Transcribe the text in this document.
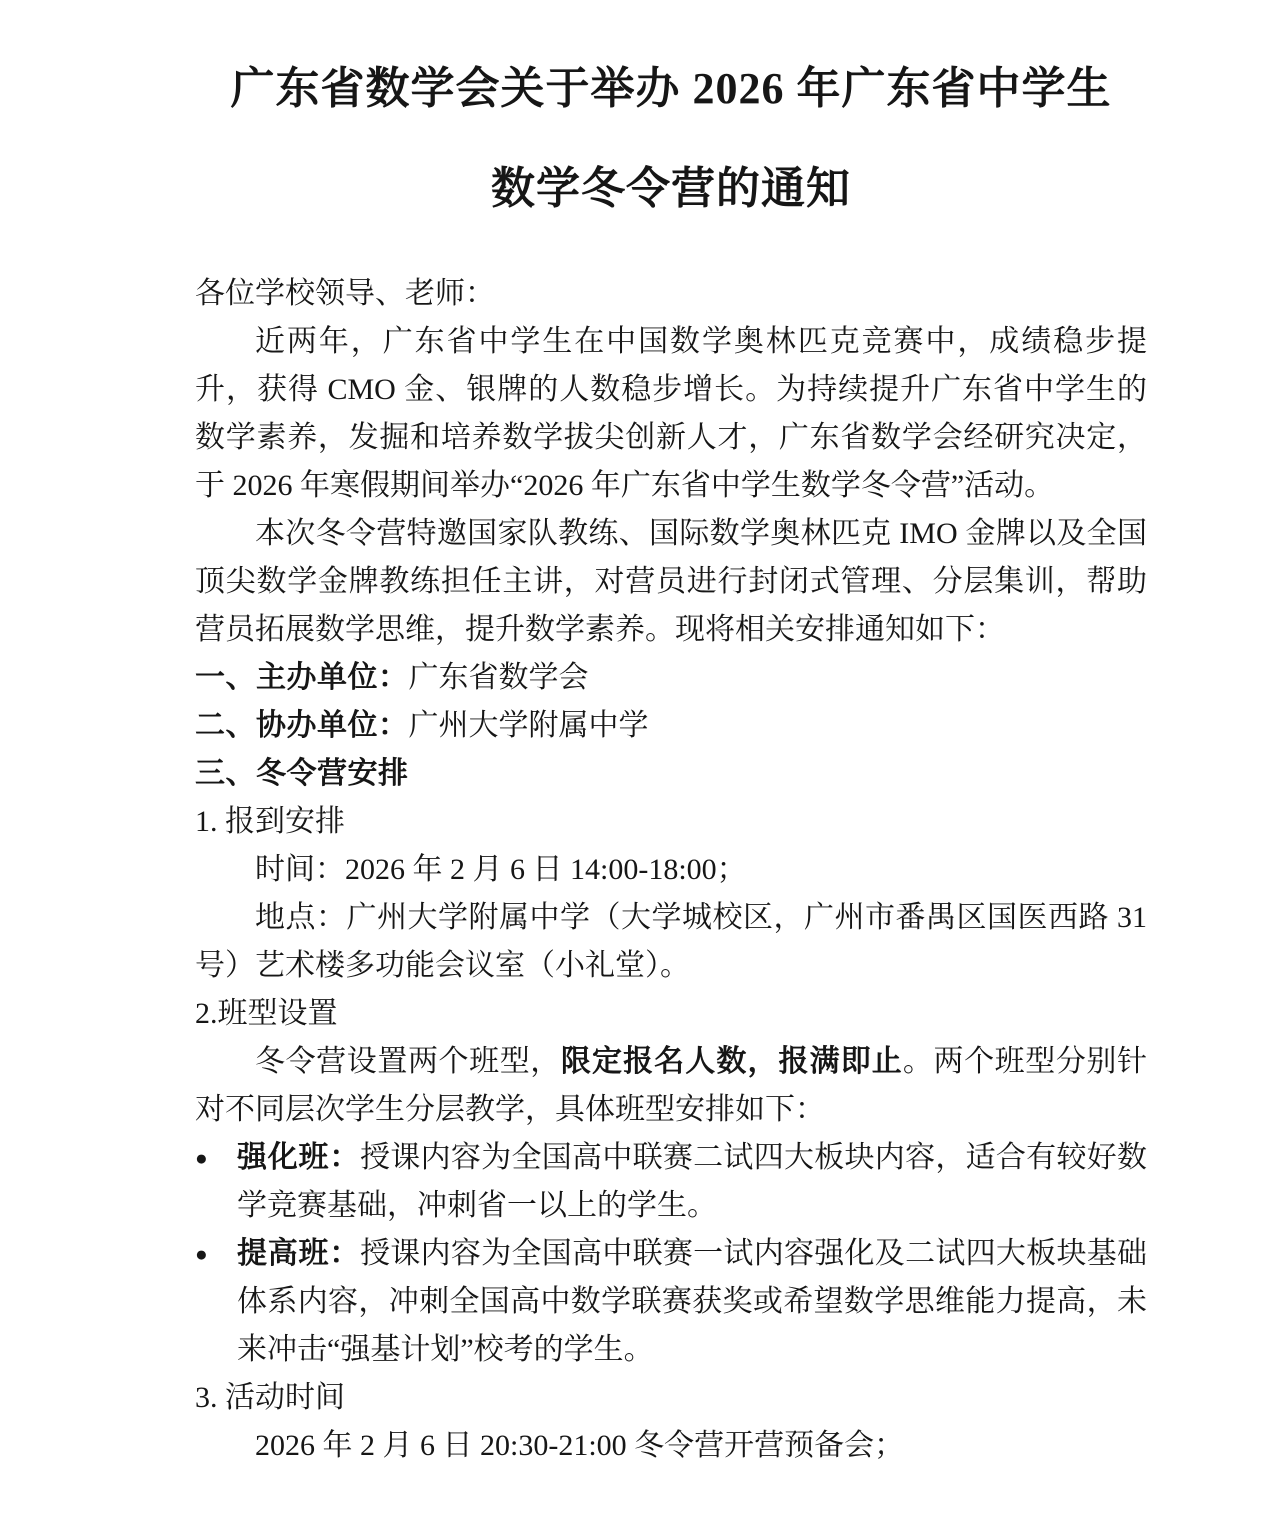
广东省数学会关于举办 2026 年广东省中学生
数学冬令营的通知

各位学校领导、老师：

近两年，广东省中学生在中国数学奥林匹克竞赛中，成绩稳步提升，获得 CMO 金、银牌的人数稳步增长。为持续提升广东省中学生的数学素养，发掘和培养数学拔尖创新人才，广东省数学会经研究决定，于 2026 年寒假期间举办“2026 年广东省中学生数学冬令营”活动。

本次冬令营特邀国家队教练、国际数学奥林匹克 IMO 金牌以及全国顶尖数学金牌教练担任主讲，对营员进行封闭式管理、分层集训，帮助营员拓展数学思维，提升数学素养。现将相关安排通知如下：

一、主办单位：广东省数学会

二、协办单位：广州大学附属中学

三、冬令营安排

1. 报到安排

时间：2026 年 2 月 6 日 14:00-18:00；

地点：广州大学附属中学（大学城校区，广州市番禺区国医西路 31 号）艺术楼多功能会议室（小礼堂）。

2.班型设置

冬令营设置两个班型，限定报名人数，报满即止。两个班型分别针对不同层次学生分层教学，具体班型安排如下：

● 强化班：授课内容为全国高中联赛二试四大板块内容，适合有较好数学竞赛基础，冲刺省一以上的学生。
● 提高班：授课内容为全国高中联赛一试内容强化及二试四大板块基础体系内容，冲刺全国高中数学联赛获奖或希望数学思维能力提高，未来冲击“强基计划”校考的学生。

3. 活动时间

2026 年 2 月 6 日 20:30-21:00 冬令营开营预备会；
